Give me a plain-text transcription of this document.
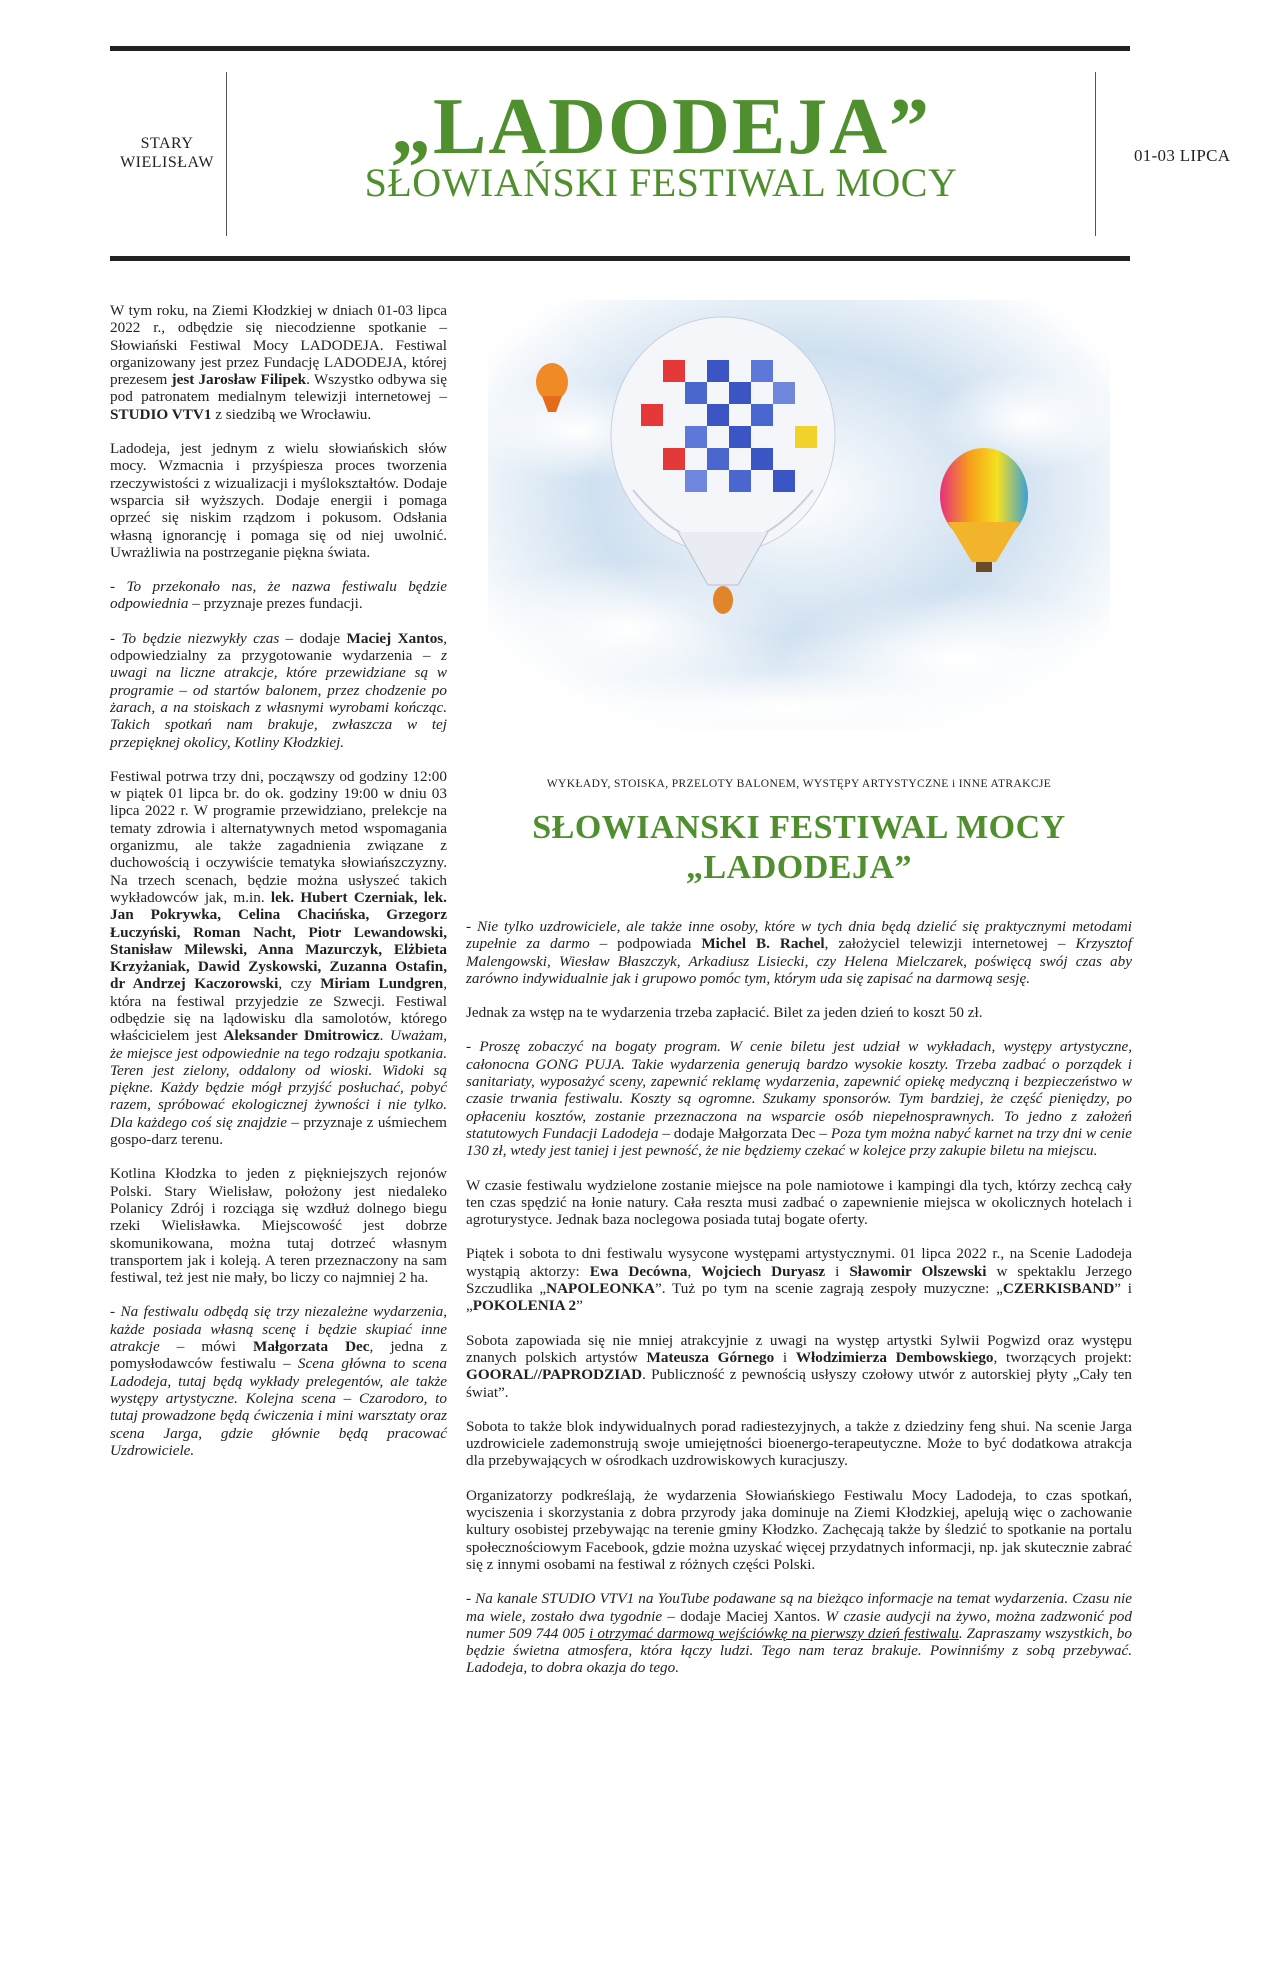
STARY WIELISŁAW	„LADODEJA”
SŁOWIAŃSKI FESTIWAL MOCY
01-03 LIPCA

W tym roku, na Ziemi Kłodzkiej w dniach 01-03 lipca 2022 r., odbędzie się niecodzienne spotkanie – Słowiański Festiwal Mocy LADODEJA. Festiwal organizowany jest przez Fundację LADODEJA, której prezesem jest Jarosław Filipek. Wszystko odbywa się pod patronatem medialnym telewizji internetowej – STUDIO VTV1 z siedzibą we Wrocławiu.

Ladodeja, jest jednym z wielu słowiańskich słów mocy. Wzmacnia i przyśpiesza proces tworzenia rzeczywistości z wizualizacji i myślokształtów. Dodaje wsparcia sił wyższych. Dodaje energii i pomaga oprzeć się niskim rządzom i pokusom. Odsłania własną ignorancję i pomaga się od niej uwolnić. Uwrażliwia na postrzeganie piękna świata.

- To przekonało nas, że nazwa festiwalu będzie odpowiednia – przyznaje prezes fundacji.

- To będzie niezwykły czas – dodaje Maciej Xantos, odpowiedzialny za przygotowanie wydarzenia – z uwagi na liczne atrakcje, które przewidziane są w programie – od startów balonem, przez chodzenie po żarach, a na stoiskach z własnymi wyrobami kończąc. Takich spotkań nam brakuje, zwłaszcza w tej przepięknej okolicy, Kotliny Kłodzkiej.

Festiwal potrwa trzy dni, począwszy od godziny 12:00 w piątek 01 lipca br. do ok. godziny 19:00 w dniu 03 lipca 2022 r. W programie przewidziano, prelekcje na tematy zdrowia i alternatywnych metod wspomagania organizmu, ale także zagadnienia związane z duchowością i oczywiście tematyka słowiańszczyzny. Na trzech scenach, będzie można usłyszeć takich wykładowców jak, m.in. lek. Hubert Czerniak, lek. Jan Pokrywka, Celina Chacińska, Grzegorz Łuczyński, Roman Nacht, Piotr Lewandowski, Stanisław Milewski, Anna Mazurczyk, Elżbieta Krzyżaniak, Dawid Zyskowski, Zuzanna Ostafin, dr Andrzej Kaczorowski, czy Miriam Lundgren, która na festiwal przyjedzie ze Szwecji. Festiwal odbędzie się na lądowisku dla samolotów, którego właścicielem jest Aleksander Dmitrowicz. Uważam, że miejsce jest odpowiednie na tego rodzaju spotkania. Teren jest zielony, oddalony od wioski. Widoki są piękne. Każdy będzie mógł przyjść posłuchać, pobyć razem, spróbować ekologicznej żywności i nie tylko. Dla każdego coś się znajdzie – przyznaje z uśmiechem gospo-darz terenu.

Kotlina Kłodzka to jeden z piękniejszych rejonów Polski. Stary Wielisław, położony jest niedaleko Polanicy Zdrój i rozciąga się wzdłuż dolnego biegu rzeki Wielisławka. Miejscowość jest dobrze skomunikowana, można tutaj dotrzeć własnym transportem jak i koleją. A teren przeznaczony na sam festiwal, też jest nie mały, bo liczy co najmniej 2 ha.

- Na festiwalu odbędą się trzy niezależne wydarzenia, każde posiada własną scenę i będzie skupiać inne atrakcje – mówi Małgorzata Dec, jedna z pomysłodawców festiwalu – Scena główna to scena Ladodeja, tutaj będą wykłady prelegentów, ale także występy artystyczne. Kolejna scena – Czarodoro, to tutaj prowadzone będą ćwiczenia i mini warsztaty oraz scena Jarga, gdzie głównie będą pracować Uzdrowiciele.

WYKŁADY, STOISKA, PRZELOTY BALONEM, WYSTĘPY ARTYSTYCZNE i INNE ATRAKCJE
SŁOWIANSKI FESTIWAL MOCY
„LADODEJA”

- Nie tylko uzdrowiciele, ale także inne osoby, które w tych dnia będą dzielić się praktycznymi metodami zupełnie za darmo – podpowiada Michel B. Rachel, założyciel telewizji internetowej – Krzysztof Malengowski, Wiesław Błaszczyk, Arkadiusz Lisiecki, czy Helena Mielczarek, poświęcą swój czas aby zarówno indywidualnie jak i grupowo pomóc tym, którym uda się zapisać na darmową sesję.

Jednak za wstęp na te wydarzenia trzeba zapłacić. Bilet za jeden dzień to koszt 50 zł.

- Proszę zobaczyć na bogaty program. W cenie biletu jest udział w wykładach, występy artystyczne, całonocna GONG PUJA. Takie wydarzenia generują bardzo wysokie koszty. Trzeba zadbać o porządek i sanitariaty, wyposażyć sceny, zapewnić reklamę wydarzenia, zapewnić opiekę medyczną i bezpieczeństwo w czasie trwania festiwalu. Koszty są ogromne. Szukamy sponsorów. Tym bardziej, że część pieniędzy, po opłaceniu kosztów, zostanie przeznaczona na wsparcie osób niepełnosprawnych. To jedno z założeń statutowych Fundacji Ladodeja – dodaje Małgorzata Dec – Poza tym można nabyć karnet na trzy dni w cenie 130 zł, wtedy jest taniej i jest pewność, że nie będziemy czekać w kolejce przy zakupie biletu na miejscu.

W czasie festiwalu wydzielone zostanie miejsce na pole namiotowe i kampingi dla tych, którzy zechcą cały ten czas spędzić na łonie natury. Cała reszta musi zadbać o zapewnienie miejsca w okolicznych hotelach i agroturystyce. Jednak baza noclegowa posiada tutaj bogate oferty.

Piątek i sobota to dni festiwalu wysycone występami artystycznymi. 01 lipca 2022 r., na Scenie Ladodeja wystąpią aktorzy: Ewa Decówna, Wojciech Duryasz i Sławomir Olszewski w spektaklu Jerzego Szczudlika „NAPOLEONKA”. Tuż po tym na scenie zagrają zespoły muzyczne: „CZERKISBAND” i „POKOLENIA 2”

Sobota zapowiada się nie mniej atrakcyjnie z uwagi na występ artystki Sylwii Pogwizd oraz występu znanych polskich artystów Mateusza Górnego i Włodzimierza Dembowskiego, tworzących projekt: GOORAL//PAPRODZIAD. Publiczność z pewnością usłyszy czołowy utwór z autorskiej płyty „Cały ten świat”.

Sobota to także blok indywidualnych porad radiestezyjnych, a także z dziedziny feng shui. Na scenie Jarga uzdrowiciele zademonstrują swoje umiejętności bioenergo-terapeutyczne. Może to być dodatkowa atrakcja dla przebywających w ośrodkach uzdrowiskowych kuracjuszy.

Organizatorzy podkreślają, że wydarzenia Słowiańskiego Festiwalu Mocy Ladodeja, to czas spotkań, wyciszenia i skorzystania z dobra przyrody jaka dominuje na Ziemi Kłodzkiej, apelują więc o zachowanie kultury osobistej przebywając na terenie gminy Kłodzko. Zachęcają także by śledzić to spotkanie na portalu społecznościowym Facebook, gdzie można uzyskać więcej przydatnych informacji, np. jak skutecznie zabrać się z innymi osobami na festiwal z różnych części Polski.

- Na kanale STUDIO VTV1 na YouTube podawane są na bieżąco informacje na temat wydarzenia. Czasu nie ma wiele, zostało dwa tygodnie – dodaje Maciej Xantos. W czasie audycji na żywo, można zadzwonić pod numer 509 744 005 i otrzymać darmową wejściówkę na pierwszy dzień festiwalu. Zapraszamy wszystkich, bo będzie świetna atmosfera, która łączy ludzi. Tego nam teraz brakuje. Powinniśmy z sobą przebywać. Ladodeja, to dobra okazja do tego.
